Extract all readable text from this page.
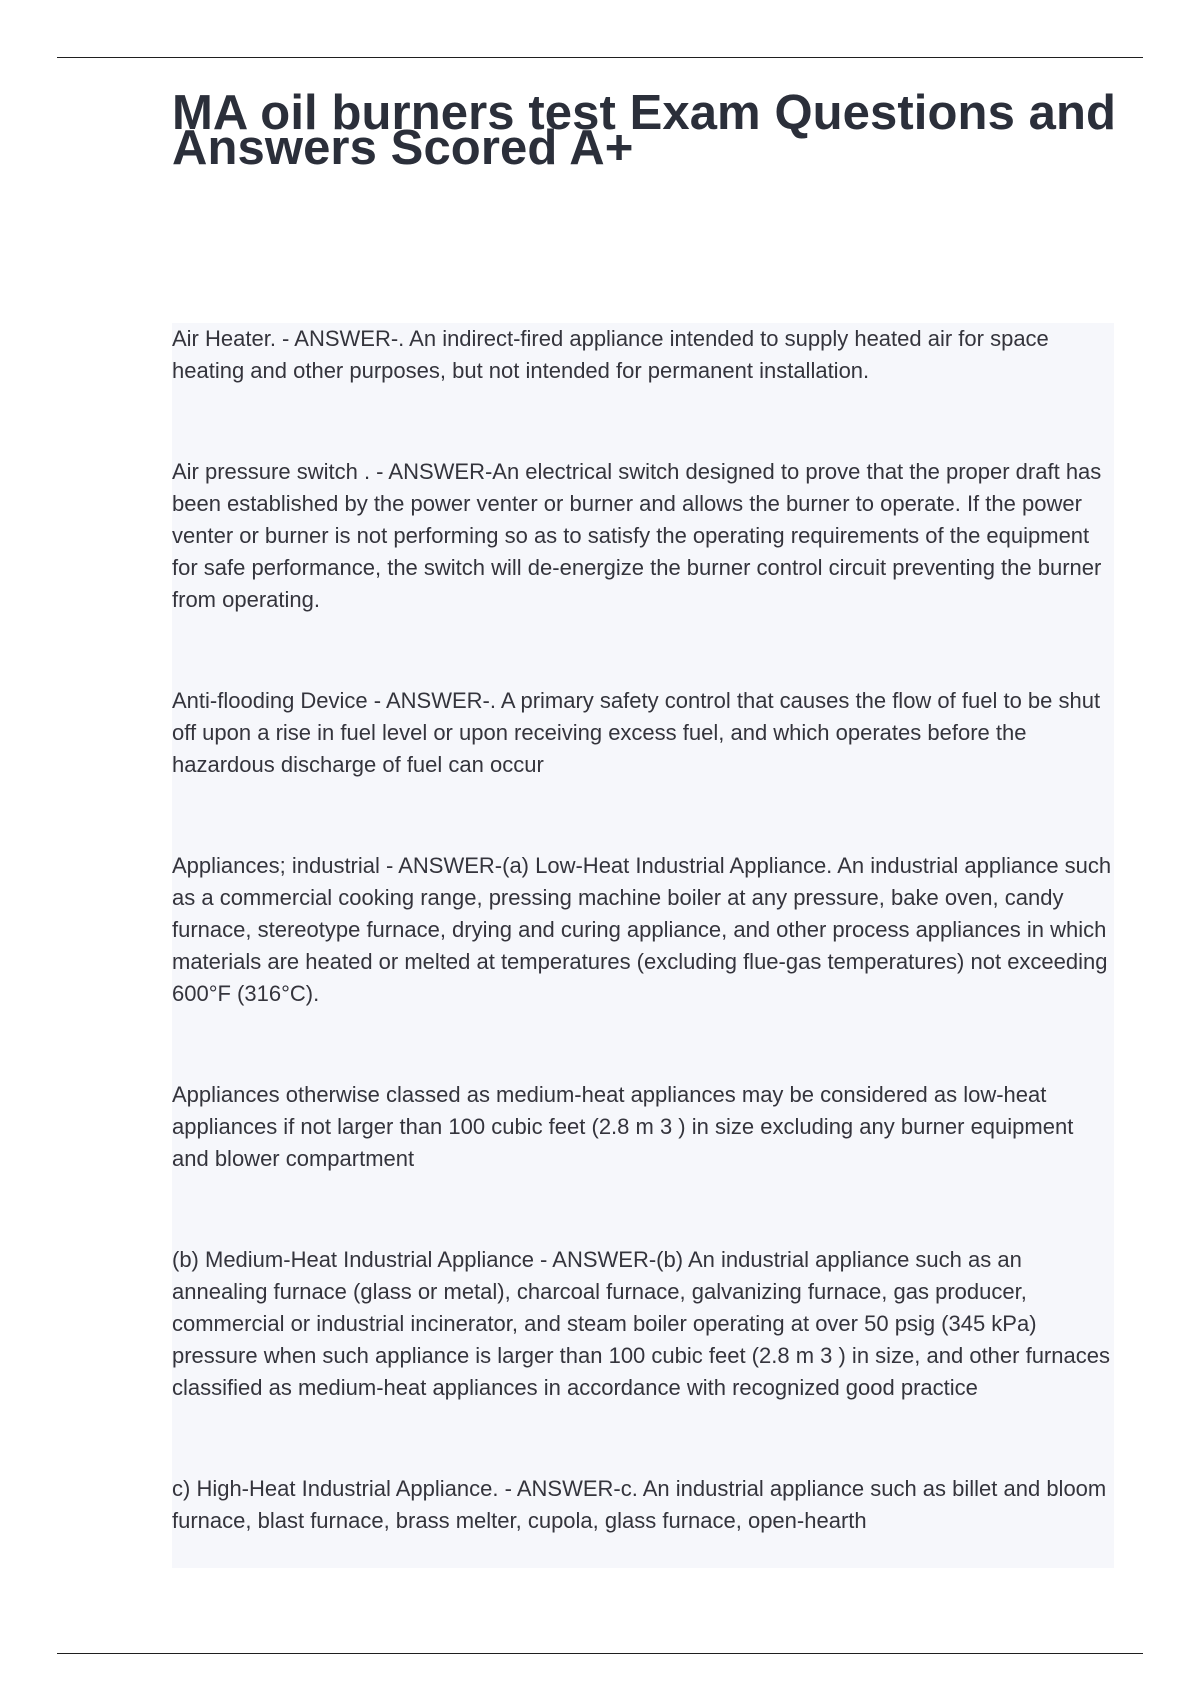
MA oil burners test Exam Questions and Answers Scored A+

Air Heater. - ANSWER-. An indirect-fired appliance intended to supply heated air for space heating and other purposes, but not intended for permanent installation.

Air pressure switch . - ANSWER-An electrical switch designed to prove that the proper draft has been established by the power venter or burner and allows the burner to operate. If the power venter or burner is not performing so as to satisfy the operating requirements of the equipment for safe performance, the switch will de-energize the burner control circuit preventing the burner from operating.

Anti-flooding Device - ANSWER-. A primary safety control that causes the flow of fuel to be shut off upon a rise in fuel level or upon receiving excess fuel, and which operates before the hazardous discharge of fuel can occur

Appliances; industrial - ANSWER-(a) Low-Heat Industrial Appliance. An industrial appliance such as a commercial cooking range, pressing machine boiler at any pressure, bake oven, candy furnace, stereotype furnace, drying and curing appliance, and other process appliances in which materials are heated or melted at temperatures (excluding flue-gas temperatures) not exceeding 600°F (316°C).

Appliances otherwise classed as medium-heat appliances may be considered as low-heat appliances if not larger than 100 cubic feet (2.8 m 3 ) in size excluding any burner equipment and blower compartment

(b) Medium-Heat Industrial Appliance - ANSWER-(b) An industrial appliance such as an annealing furnace (glass or metal), charcoal furnace, galvanizing furnace, gas producer, commercial or industrial incinerator, and steam boiler operating at over 50 psig (345 kPa) pressure when such appliance is larger than 100 cubic feet (2.8 m 3 ) in size, and other furnaces classified as medium-heat appliances in accordance with recognized good practice

c) High-Heat Industrial Appliance. - ANSWER-c. An industrial appliance such as billet and bloom furnace, blast furnace, brass melter, cupola, glass furnace, open-hearth
